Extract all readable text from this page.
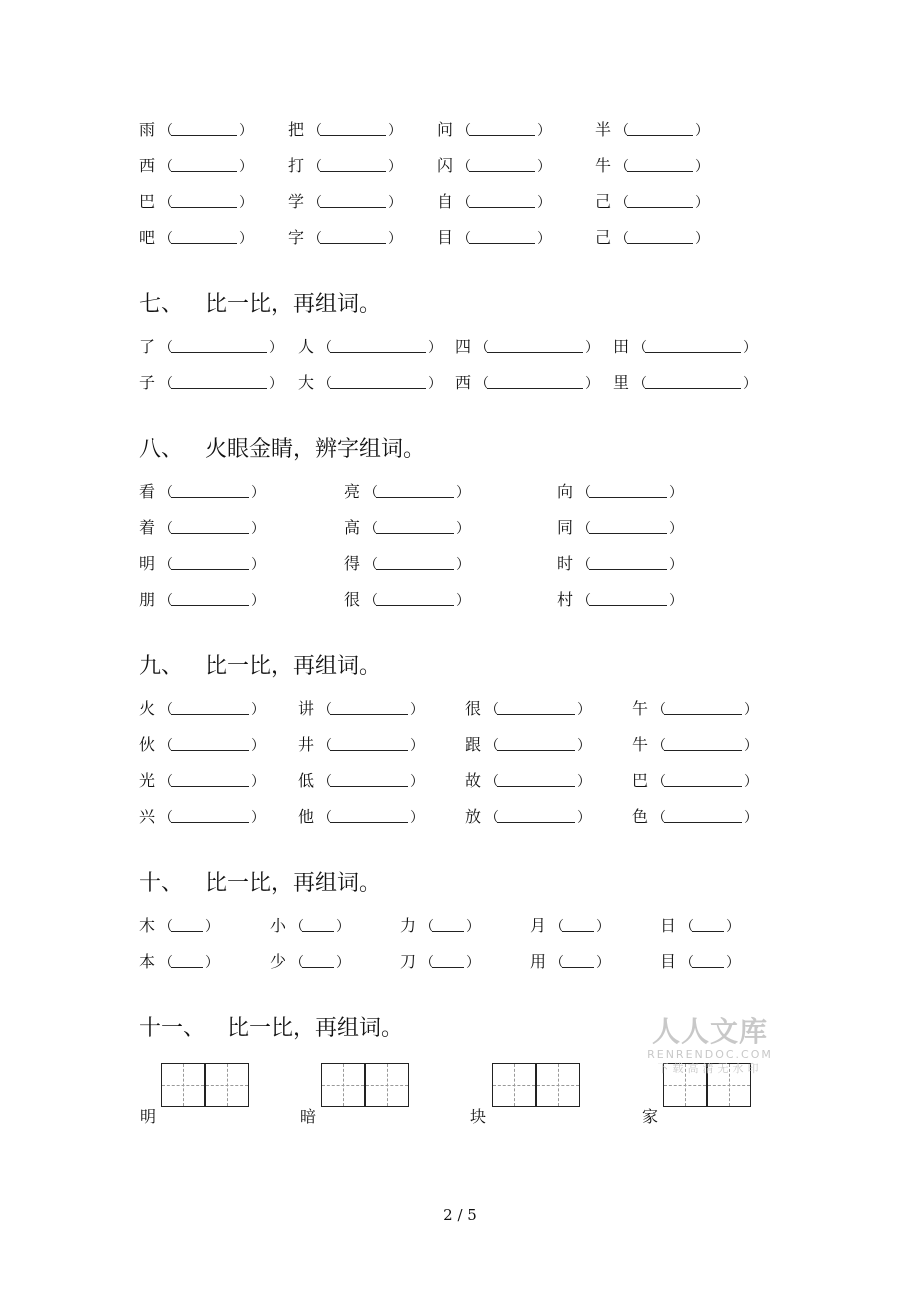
雨 （	） 把 （	） 问 （	）	半 （	）
西 （	） 打 （	） 闪 （	）	牛 （	）
巴 （	） 学 （	） 自 （	）	己 （	）
吧 （	） 字 （	） 目 （	）	己 （	）
七、 比一比，再组词。
了 （	） 人 （	） 四 （	） 田 （	）
子 （	） 大 （	） 西 （	） 里 （	）
八、 火眼金睛，辨字组词。
看 （	）	亮 （	）	向 （	）
着 （	）	高 （	）	同 （	）
明 （	）	得 （	）	时 （	）
朋 （	）	很 （	）	村 （	）
九、 比一比，再组词。
火 （	） 讲 （	）	很 （	）	午 （	）
伙 （	） 井 （	）	跟 （	）	牛 （	）
光 （	） 低 （	）	故 （	）	巴 （	）
兴 （	） 他 （	）	放 （	）	色 （	）
十、 比一比，再组词。
木 （ ）	小 （ ）	力 （ ）	月 （ ）	日 （ ）
本 （ ）	少 （ ）	刀 （ ）	用 （ ）	目 （ ）
十一、 比一比，再组词。
明	暗	块	家
人人文库
RENRENDOC.COM
下载高清无水印
2 / 5
